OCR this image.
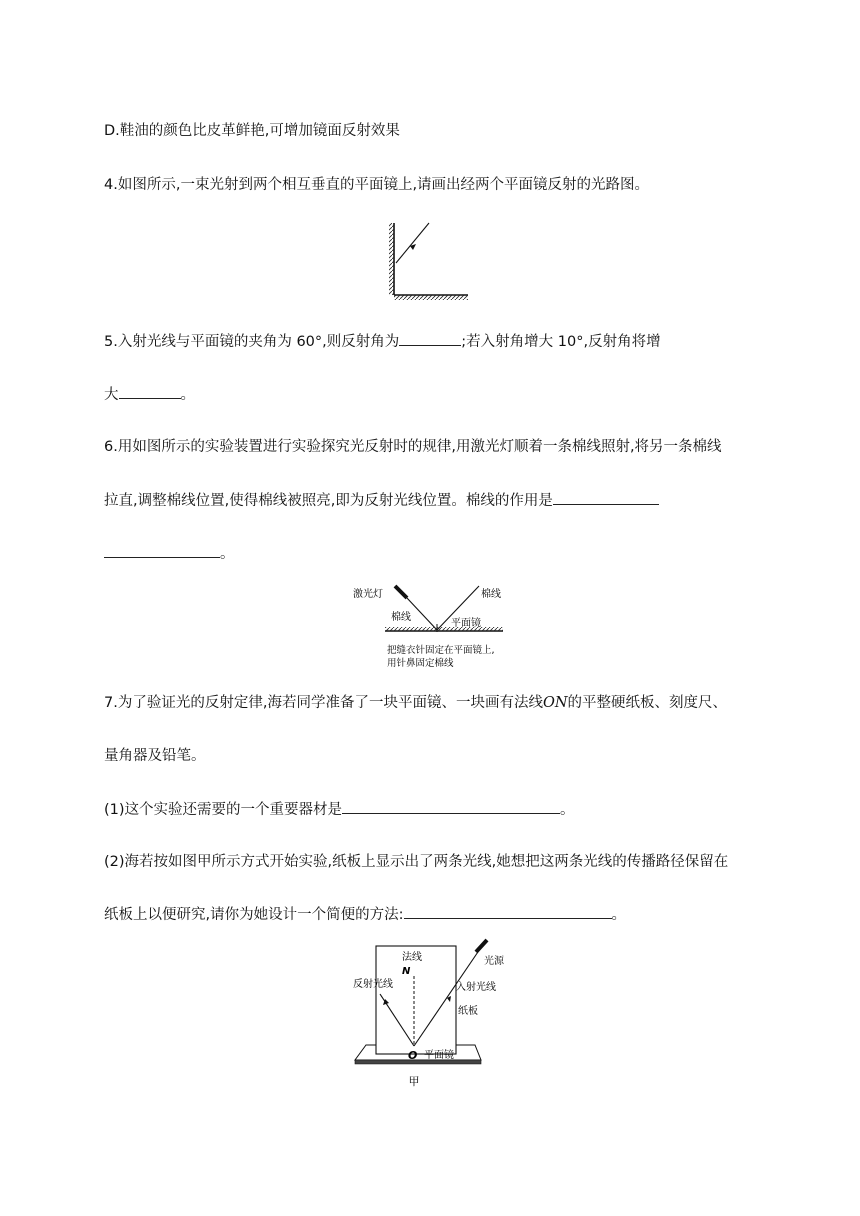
D.鞋油的颜色比皮革鲜艳,可增加镜面反射效果
4.如图所示,一束光射到两个相互垂直的平面镜上,请画出经两个平面镜反射的光路图。
5.入射光线与平面镜的夹角为 60°,则反射角为	;若入射角增大 10°,反射角将增
大	。
6.用如图所示的实验装置进行实验探究光反射时的规律,用激光灯顺着一条棉线照射,将另一条棉线
拉直,调整棉线位置,使得棉线被照亮,即为反射光线位置。棉线的作用是
。
激光灯	棉线
棉线
平面镜
把缝衣针固定在平面镜上,
用针鼻固定棉线
7.为了验证光的反射定律,海若同学准备了一块平面镜、一块画有法线ON的平整硬纸板、刻度尺、
量角器及铅笔。
(1)这个实验还需要的一个重要器材是	。
(2)海若按如图甲所示方式开始实验,纸板上显示出了两条光线,她想把这两条光线的传播路径保留在
纸板上以便研究,请你为她设计一个简便的方法:	。
法线
N
反射光线	入射光线
纸板
O 平面镜
甲
光源
